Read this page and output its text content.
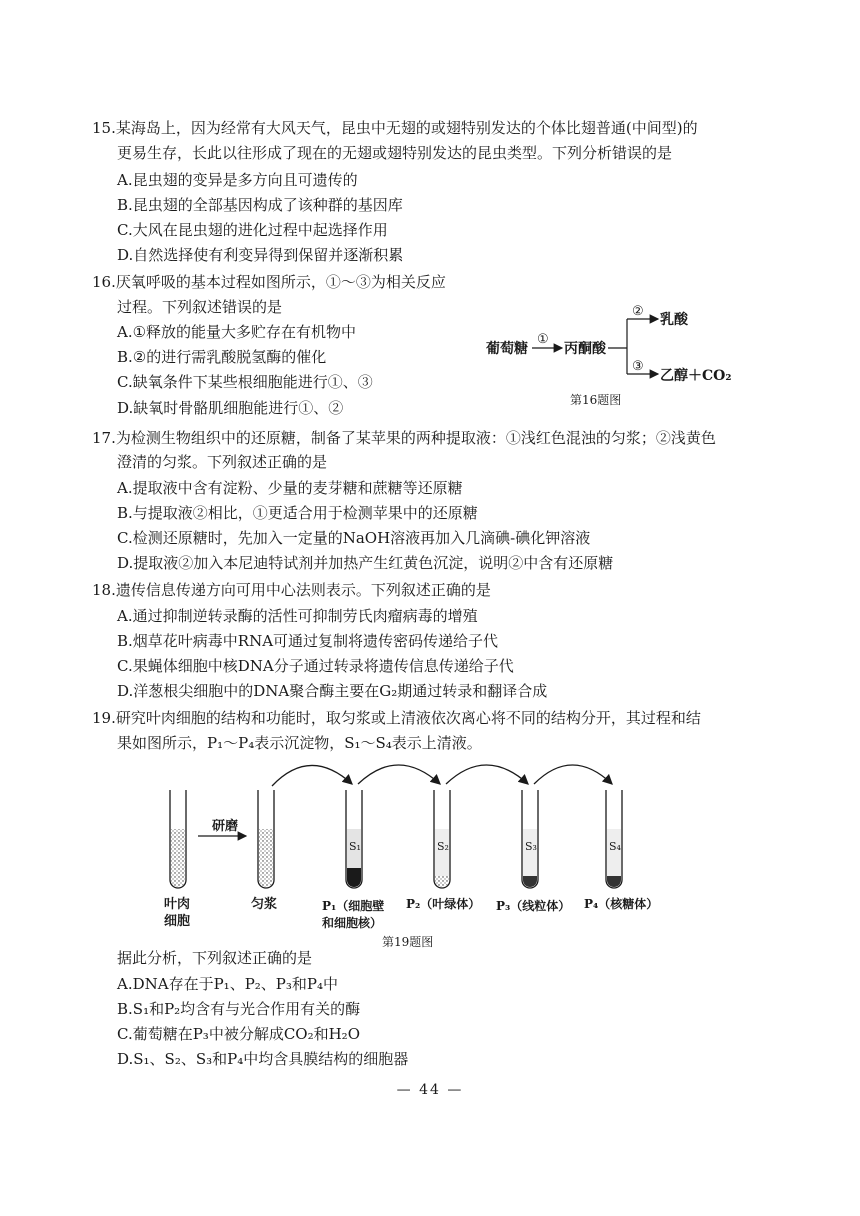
15.某海岛上，因为经常有大风天气，昆虫中无翅的或翅特别发达的个体比翅普通(中间型)的
更易生存，长此以往形成了现在的无翅或翅特别发达的昆虫类型。下列分析错误的是
A.昆虫翅的变异是多方向且可遗传的
B.昆虫翅的全部基因构成了该种群的基因库
C.大风在昆虫翅的进化过程中起选择作用
D.自然选择使有利变异得到保留并逐渐积累
16.厌氧呼吸的基本过程如图所示，①～③为相关反应
过程。下列叙述错误的是
A.①释放的能量大多贮存在有机物中
B.②的进行需乳酸脱氢酶的催化
C.缺氧条件下某些根细胞能进行①、③
D.缺氧时骨骼肌细胞能进行①、②
葡萄糖
①
丙酮酸
②
乳酸
③
乙醇＋CO₂
第16题图
17.为检测生物组织中的还原糖，制备了某苹果的两种提取液：①浅红色混浊的匀浆；②浅黄色
澄清的匀浆。下列叙述正确的是
A.提取液中含有淀粉、少量的麦芽糖和蔗糖等还原糖
B.与提取液②相比，①更适合用于检测苹果中的还原糖
C.检测还原糖时，先加入一定量的NaOH溶液再加入几滴碘-碘化钾溶液
D.提取液②加入本尼迪特试剂并加热产生红黄色沉淀，说明②中含有还原糖
18.遗传信息传递方向可用中心法则表示。下列叙述正确的是
A.通过抑制逆转录酶的活性可抑制劳氏肉瘤病毒的增殖
B.烟草花叶病毒中RNA可通过复制将遗传密码传递给子代
C.果蝇体细胞中核DNA分子通过转录将遗传信息传递给子代
D.洋葱根尖细胞中的DNA聚合酶主要在G₂期通过转录和翻译合成
19.研究叶肉细胞的结构和功能时，取匀浆或上清液依次离心将不同的结构分开，其过程和结
果如图所示，P₁～P₄表示沉淀物，S₁～S₄表示上清液。
研磨
S₁	S₂	S₃	S₄
叶肉
细胞
匀浆	P₁（细胞壁
和细胞核）
P₂（叶绿体） P₃（线粒体） P₄（核糖体）
第19题图
据此分析，下列叙述正确的是
A.DNA存在于P₁、P₂、P₃和P₄中
B.S₁和P₂均含有与光合作用有关的酶
C.葡萄糖在P₃中被分解成CO₂和H₂O
D.S₁、S₂、S₃和P₄中均含具膜结构的细胞器
— 44 —
